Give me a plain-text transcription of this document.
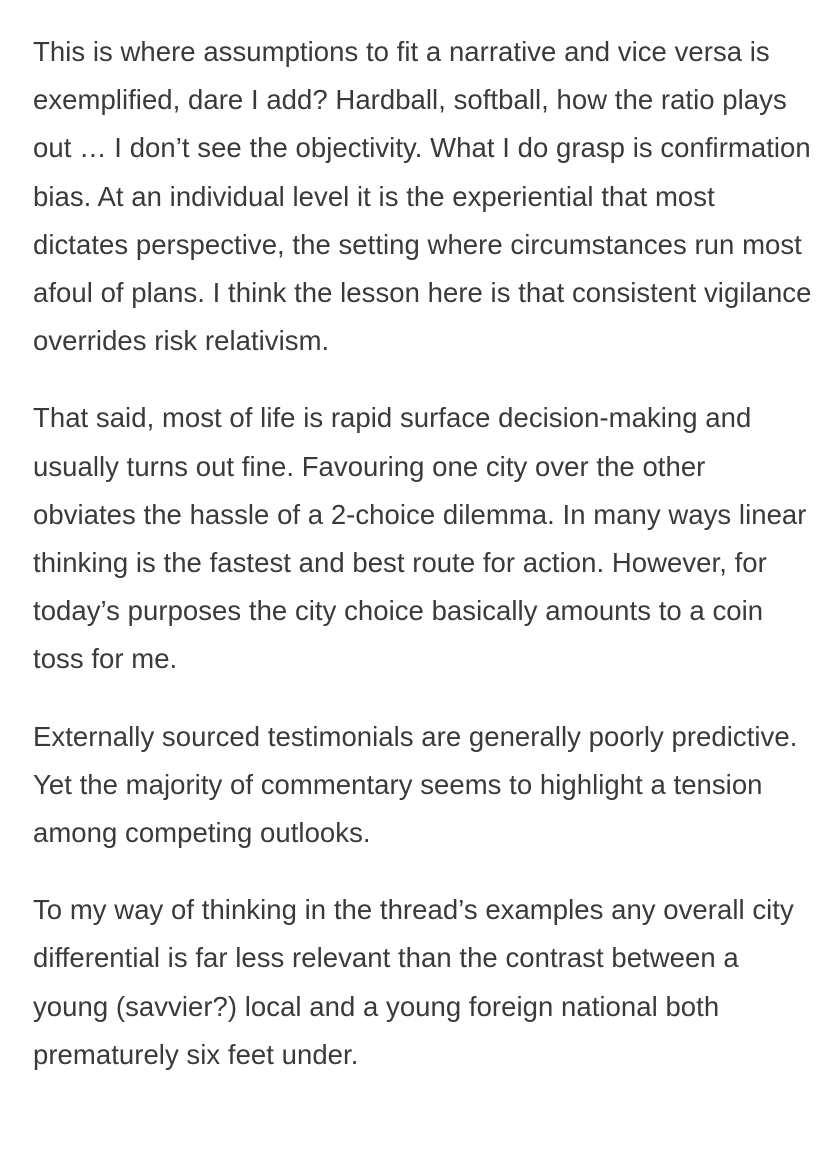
This is where assumptions to fit a narrative and vice versa is exemplified, dare I add? Hardball, softball, how the ratio plays out … I don’t see the objectivity. What I do grasp is confirmation bias. At an individual level it is the experiential that most dictates perspective, the setting where circumstances run most afoul of plans. I think the lesson here is that consistent vigilance overrides risk relativism.

That said, most of life is rapid surface decision-making and usually turns out fine. Favouring one city over the other obviates the hassle of a 2-choice dilemma. In many ways linear thinking is the fastest and best route for action. However, for today’s purposes the city choice basically amounts to a coin toss for me.

Externally sourced testimonials are generally poorly predictive. Yet the majority of commentary seems to highlight a tension among competing outlooks.

To my way of thinking in the thread’s examples any overall city differential is far less relevant than the contrast between a young (savvier?) local and a young foreign national both prematurely six feet under.
